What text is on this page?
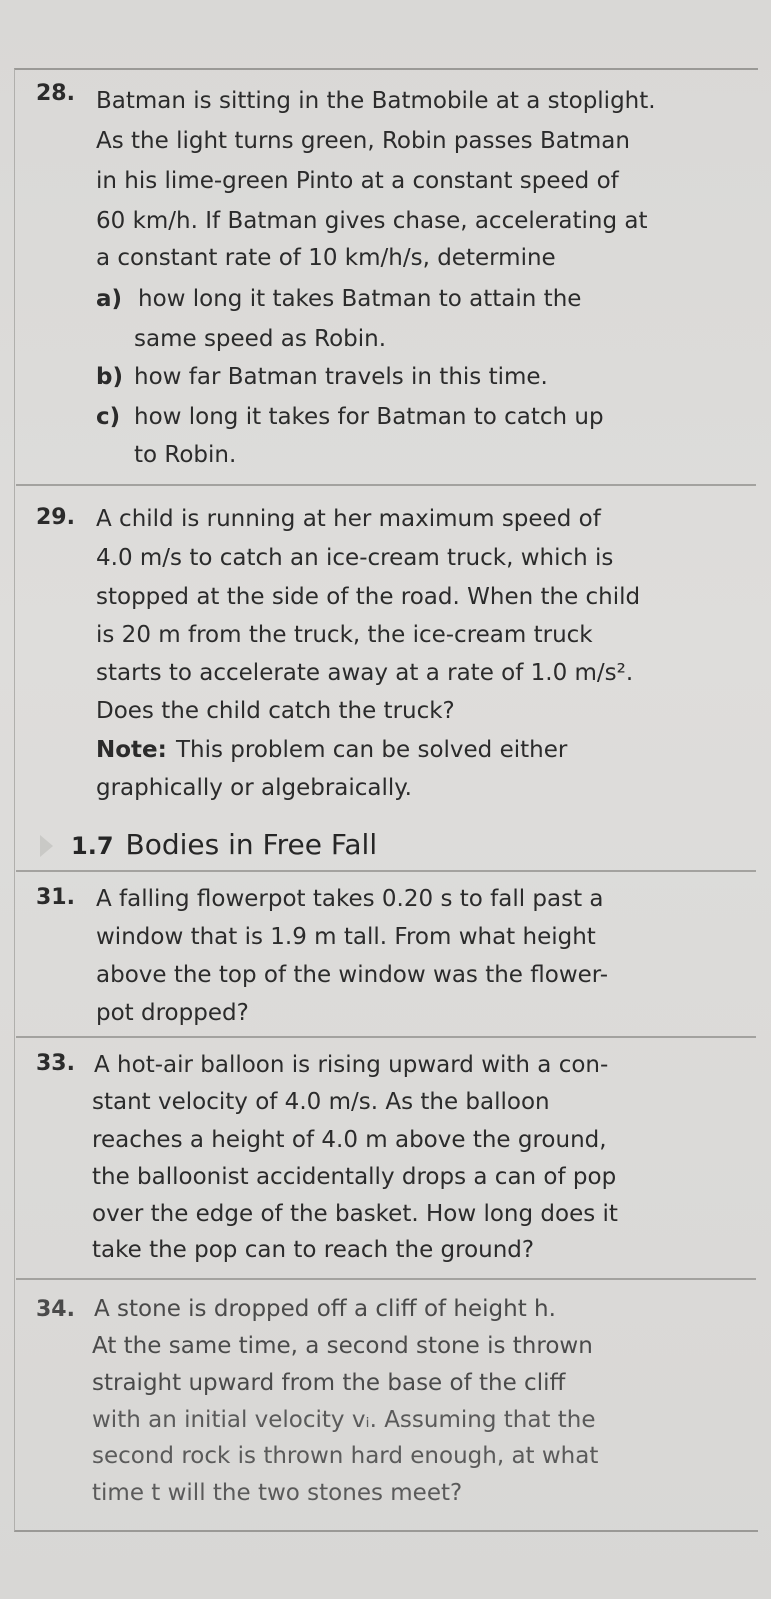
28. Batman is sitting in the Batmobile at a stoplight.
As the light turns green, Robin passes Batman
in his lime-green Pinto at a constant speed of
60 km/h. If Batman gives chase, accelerating at
a constant rate of 10 km/h/s, determine
a) how long it takes Batman to attain the
same speed as Robin.
b) how far Batman travels in this time.
c) how long it takes for Batman to catch up
to Robin.
29. A child is running at her maximum speed of
4.0 m/s to catch an ice-cream truck, which is
stopped at the side of the road. When the child
is 20 m from the truck, the ice-cream truck
starts to accelerate away at a rate of 1.0 m/s².
Does the child catch the truck?
Note: This problem can be solved either
graphically or algebraically.
1.7 Bodies in Free Fall
31. A falling flowerpot takes 0.20 s to fall past a
window that is 1.9 m tall. From what height
above the top of the window was the flower-
pot dropped?
33. A hot-air balloon is rising upward with a con-
stant velocity of 4.0 m/s. As the balloon
reaches a height of 4.0 m above the ground,
the balloonist accidentally drops a can of pop
over the edge of the basket. How long does it
take the pop can to reach the ground?
34. A stone is dropped off a cliff of height h.
At the same time, a second stone is thrown
straight upward from the base of the cliff
with an initial velocity vᵢ. Assuming that the
second rock is thrown hard enough, at what
time t will the two stones meet?
